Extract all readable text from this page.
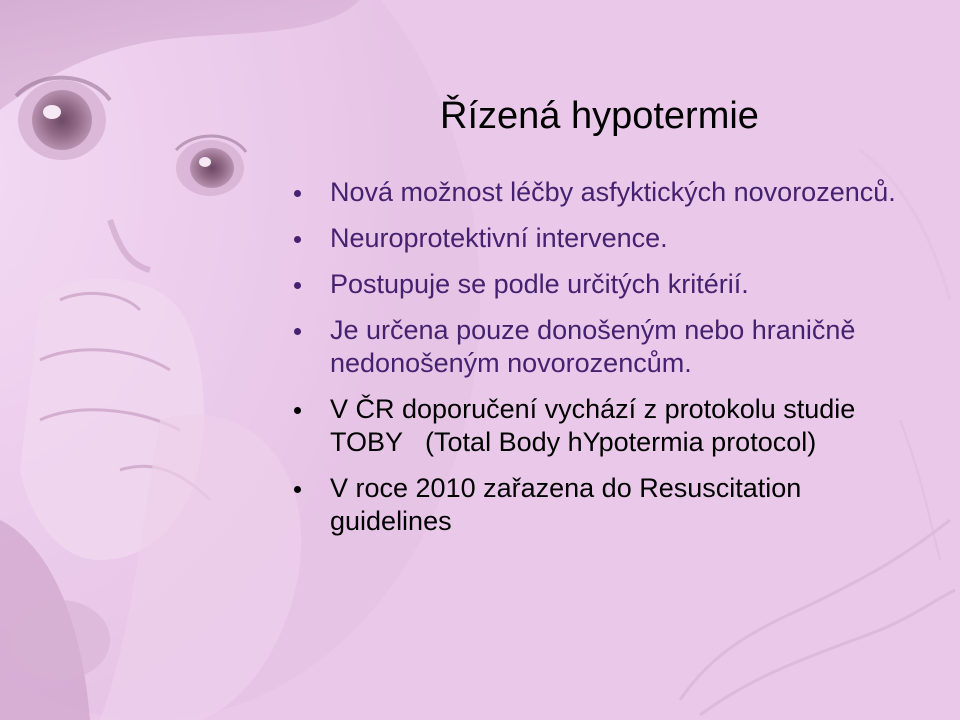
Řízená hypotermie
Nová možnost léčby asfyktických novorozenců.
Neuroprotektivní intervence.
Postupuje se podle určitých kritérií.
Je určena pouze donošeným nebo hraničně nedonošeným novorozencům.
V ČR doporučení vychází z protokolu studie TOBY   (Total Body hYpotermia protocol)
V roce 2010 zařazena do Resuscitation guidelines
